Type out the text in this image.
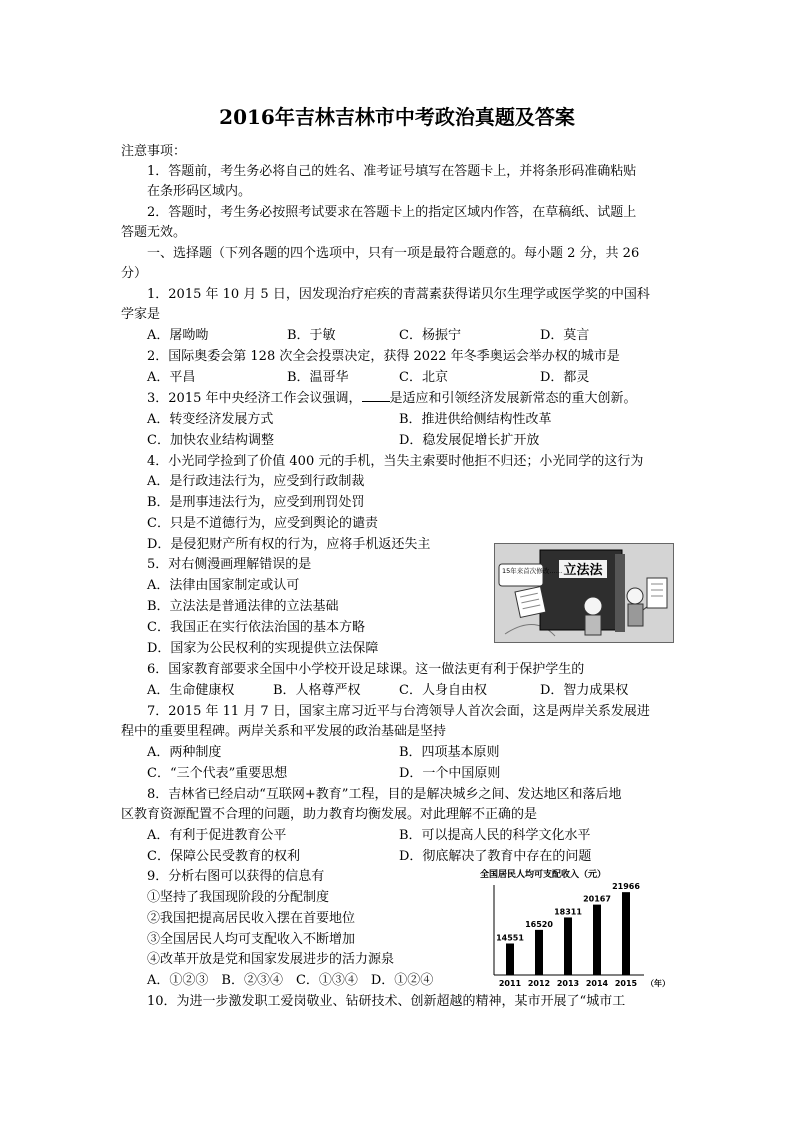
2016年吉林吉林市中考政治真题及答案
注意事项：
1．答题前，考生务必将自己的姓名、准考证号填写在答题卡上，并将条形码准确粘贴
在条形码区域内。
2．答题时，考生务必按照考试要求在答题卡上的指定区域内作答，在草稿纸、试题上
答题无效。
一、选择题（下列各题的四个选项中，只有一项是最符合题意的。每小题 2 分，共 26
分）
1．2015 年 10 月 5 日，因发现治疗疟疾的青蒿素获得诺贝尔生理学或医学奖的中国科
学家是
A．屠呦呦	B．于敏	C．杨振宁	D．莫言
2．国际奥委会第 128 次全会投票决定，获得 2022 年冬季奥运会举办权的城市是
A．平昌	B．温哥华	C．北京	D．都灵
3．2015 年中央经济工作会议强调， 是适应和引领经济发展新常态的重大创新。
A．转变经济发展方式	B．推进供给侧结构性改革
C．加快农业结构调整	D．稳发展促增长扩开放
4．小光同学捡到了价值 400 元的手机，当失主索要时他拒不归还；小光同学的这行为
A．是行政违法行为，应受到行政制裁
B．是刑事违法行为，应受到刑罚处罚
C．只是不道德行为，应受到舆论的谴责
D．是侵犯财产所有权的行为，应将手机返还失主
5．对右侧漫画理解错误的是
A．法律由国家制定或认可
B．立法法是普通法律的立法基础
C．我国正在实行依法治国的基本方略
D．国家为公民权利的实现提供立法保障
立法法
15年来首次修改……
6．国家教育部要求全国中小学校开设足球课。这一做法更有利于保护学生的
A．生命健康权	B．人格尊严权	C．人身自由权	D．智力成果权
7．2015 年 11 月 7 日，国家主席习近平与台湾领导人首次会面，这是两岸关系发展进
程中的重要里程碑。两岸关系和平发展的政治基础是坚持
A．两种制度	B．四项基本原则
C．“三个代表”重要思想	D．一个中国原则
8．吉林省已经启动“互联网+教育”工程，目的是解决城乡之间、发达地区和落后地
区教育资源配置不合理的问题，助力教育均衡发展。对此理解不正确的是
A．有利于促进教育公平	B．可以提高人民的科学文化水平
C．保障公民受教育的权利	D．彻底解决了教育中存在的问题
9．分析右图可以获得的信息有
①坚持了我国现阶段的分配制度
②我国把提高居民收入摆在首要地位
③全国居民人均可支配收入不断增加
④改革开放是党和国家发展进步的活力源泉
A．①②③　B．②③④　C．①③④　D．①②④
全国居民人均可支配收入（元）
14551
2011
16520
2012
18311
2013
20167
2014
21966
2015 （年）
10．为进一步激发职工爱岗敬业、钻研技术、创新超越的精神，某市开展了“城市工
